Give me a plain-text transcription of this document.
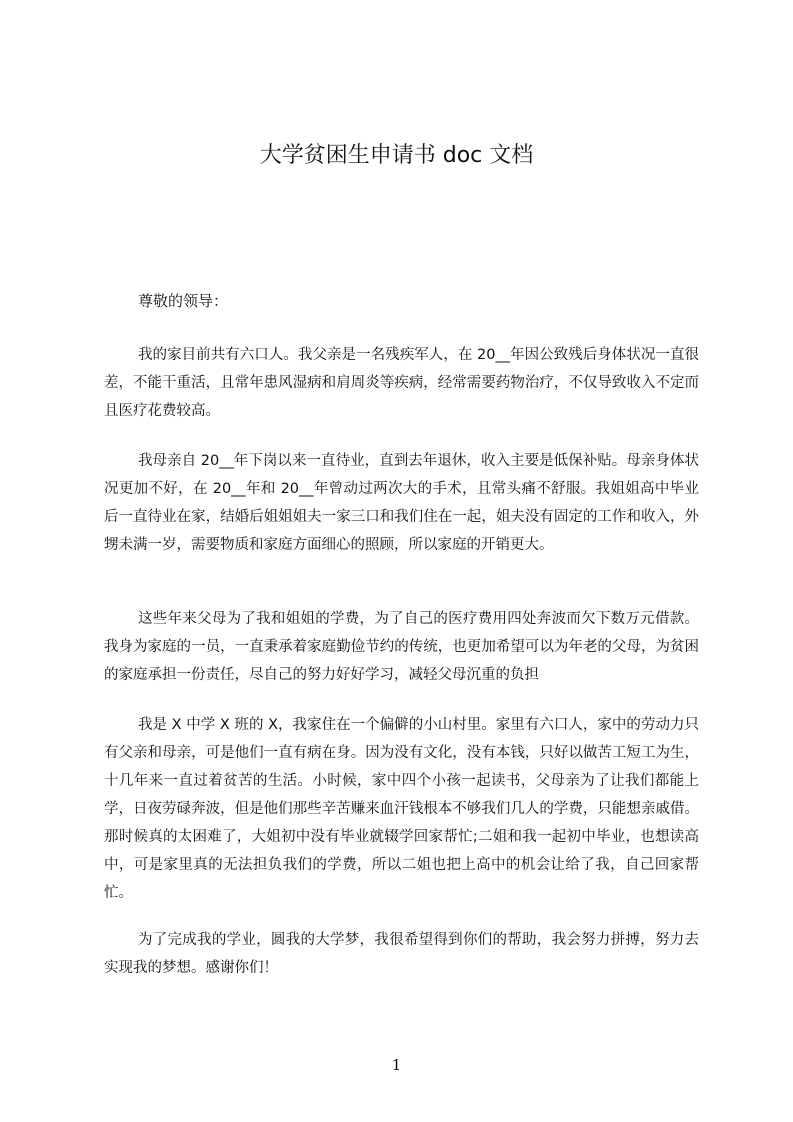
大学贫困生申请书 doc 文档

尊敬的领导：

我的家目前共有六口人。我父亲是一名残疾军人，在 20__年因公致残后身体状况一直很差，不能干重活，且常年患风湿病和肩周炎等疾病，经常需要药物治疗，不仅导致收入不定而且医疗花费较高。

我母亲自 20__年下岗以来一直待业，直到去年退休，收入主要是低保补贴。母亲身体状况更加不好，在 20__年和 20__年曾动过两次大的手术，且常头痛不舒服。我姐姐高中毕业后一直待业在家，结婚后姐姐姐夫一家三口和我们住在一起，姐夫没有固定的工作和收入，外甥未满一岁，需要物质和家庭方面细心的照顾，所以家庭的开销更大。

这些年来父母为了我和姐姐的学费，为了自己的医疗费用四处奔波而欠下数万元借款。我身为家庭的一员，一直秉承着家庭勤俭节约的传统，也更加希望可以为年老的父母，为贫困的家庭承担一份责任，尽自己的努力好好学习，减轻父母沉重的负担

我是 X 中学 X 班的 X，我家住在一个偏僻的小山村里。家里有六口人，家中的劳动力只有父亲和母亲，可是他们一直有病在身。因为没有文化，没有本钱，只好以做苦工短工为生，十几年来一直过着贫苦的生活。小时候，家中四个小孩一起读书，父母亲为了让我们都能上学，日夜劳碌奔波，但是他们那些辛苦赚来血汗钱根本不够我们几人的学费，只能想亲戚借。那时候真的太困难了，大姐初中没有毕业就辍学回家帮忙;二姐和我一起初中毕业，也想读高中，可是家里真的无法担负我们的学费，所以二姐也把上高中的机会让给了我，自己回家帮忙。

为了完成我的学业，圆我的大学梦，我很希望得到你们的帮助，我会努力拼搏，努力去实现我的梦想。感谢你们！

1
